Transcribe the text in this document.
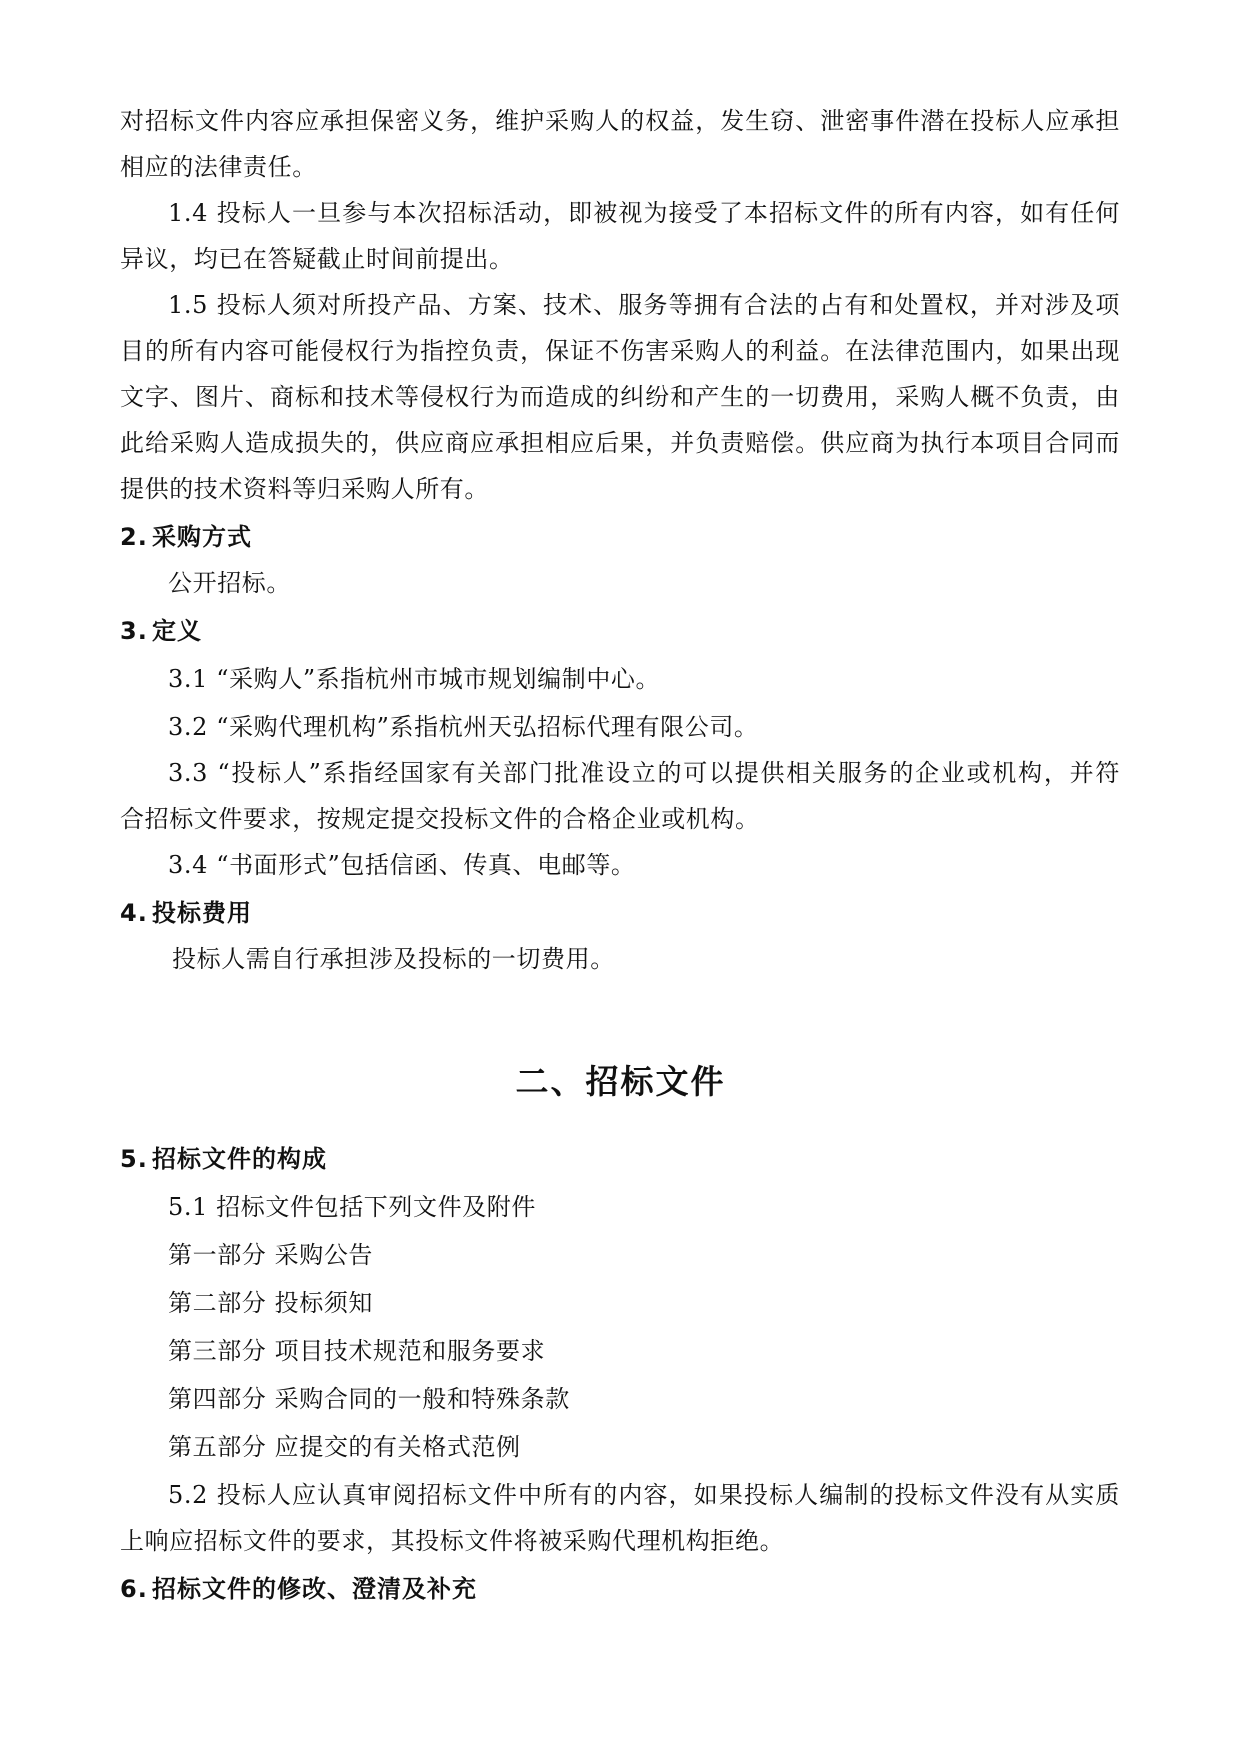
对招标文件内容应承担保密义务，维护采购人的权益，发生窃、泄密事件潜在投标人应承担
相应的法律责任。
1.4 投标人一旦参与本次招标活动，即被视为接受了本招标文件的所有内容，如有任何
异议，均已在答疑截止时间前提出。
1.5 投标人须对所投产品、方案、技术、服务等拥有合法的占有和处置权，并对涉及项
目的所有内容可能侵权行为指控负责，保证不伤害采购人的利益。在法律范围内，如果出现
文字、图片、商标和技术等侵权行为而造成的纠纷和产生的一切费用，采购人概不负责，由
此给采购人造成损失的，供应商应承担相应后果，并负责赔偿。供应商为执行本项目合同而
提供的技术资料等归采购人所有。
2. 采购方式
公开招标。
3. 定义
3.1 “采购人”系指杭州市城市规划编制中心。
3.2 “采购代理机构”系指杭州天弘招标代理有限公司。
3.3 “投标人”系指经国家有关部门批准设立的可以提供相关服务的企业或机构，并符
合招标文件要求，按规定提交投标文件的合格企业或机构。
3.4 “书面形式”包括信函、传真、电邮等。
4. 投标费用
投标人需自行承担涉及投标的一切费用。
二、招标文件
5. 招标文件的构成
5.1 招标文件包括下列文件及附件
第一部分 采购公告
第二部分 投标须知
第三部分 项目技术规范和服务要求
第四部分 采购合同的一般和特殊条款
第五部分 应提交的有关格式范例
5.2 投标人应认真审阅招标文件中所有的内容，如果投标人编制的投标文件没有从实质
上响应招标文件的要求，其投标文件将被采购代理机构拒绝。
6. 招标文件的修改、澄清及补充
